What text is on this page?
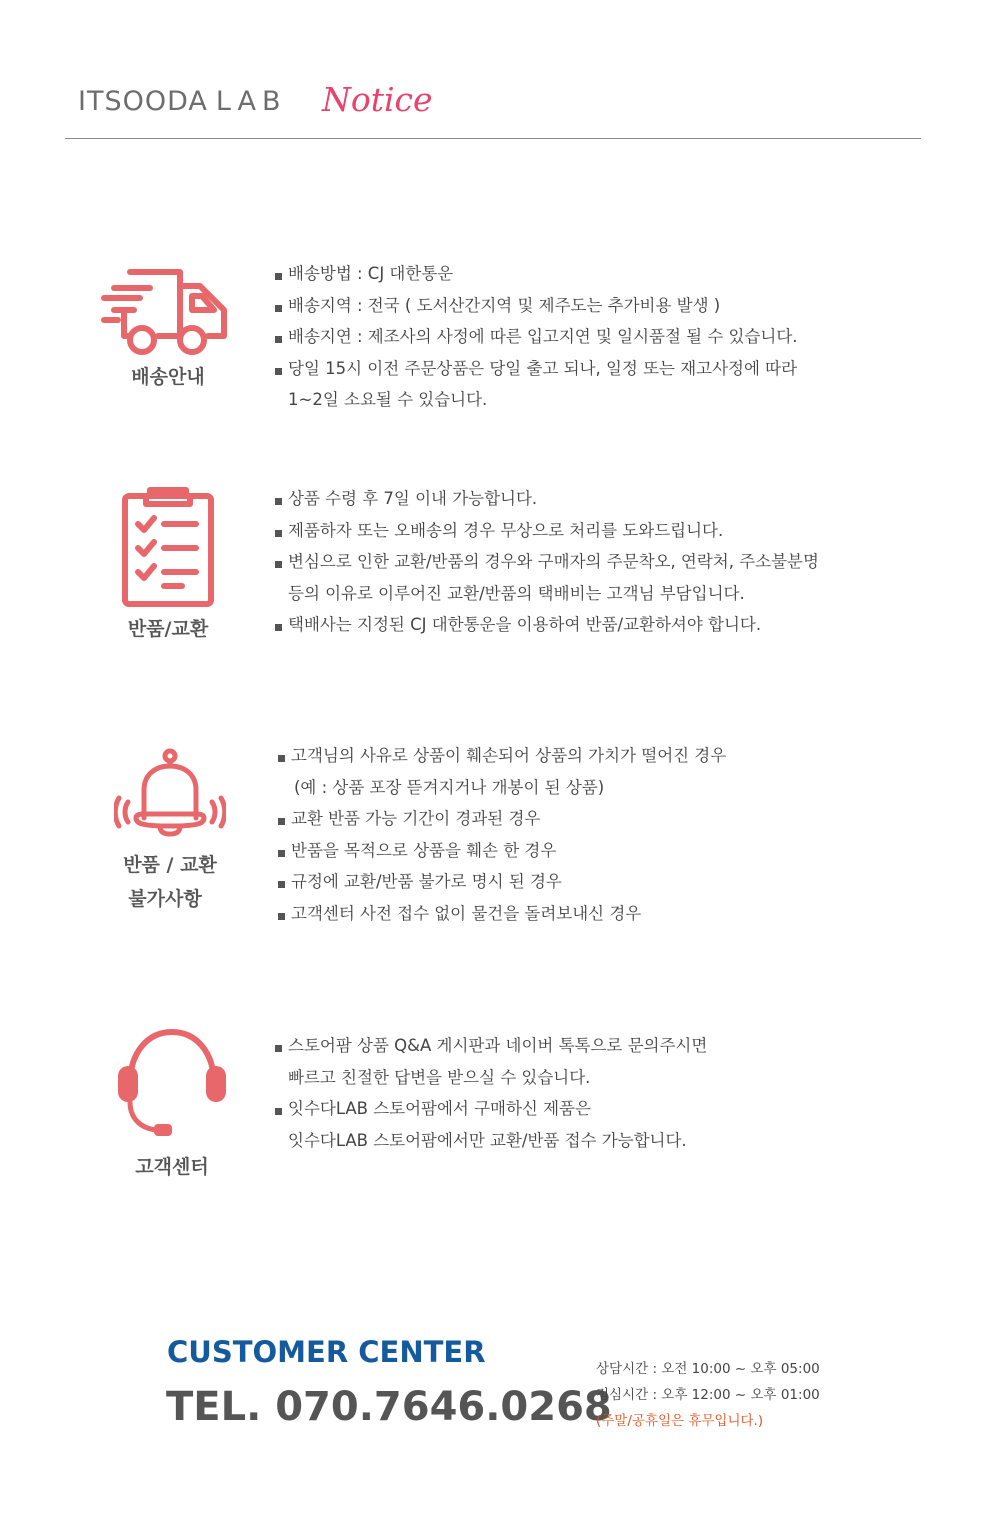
ITSOODA LAB Notice
배송안내
배송방법 : CJ 대한통운
배송지역 : 전국 ( 도서산간지역 및 제주도는 추가비용 발생 )
배송지연 : 제조사의 사정에 따른 입고지연 및 일시품절 될 수 있습니다.
당일 15시 이전 주문상품은 당일 출고 되나, 일정 또는 재고사정에 따라
1~2일 소요될 수 있습니다.
반품/교환
상품 수령 후 7일 이내 가능합니다.
제품하자 또는 오배송의 경우 무상으로 처리를 도와드립니다.
변심으로 인한 교환/반품의 경우와 구매자의 주문착오, 연락처, 주소불분명
등의 이유로 이루어진 교환/반품의 택배비는 고객님 부담입니다.
택배사는 지정된 CJ 대한통운을 이용하여 반품/교환하셔야 합니다.
반품 / 교환
불가사항
고객님의 사유로 상품이 훼손되어 상품의 가치가 떨어진 경우
(예 : 상품 포장 뜯겨지거나 개봉이 된 상품)
교환 반품 가능 기간이 경과된 경우
반품을 목적으로 상품을 훼손 한 경우
규정에 교환/반품 불가로 명시 된 경우
고객센터 사전 접수 없이 물건을 돌려보내신 경우
고객센터
스토어팜 상품 Q&A 게시판과 네이버 톡톡으로 문의주시면
빠르고 친절한 답변을 받으실 수 있습니다.
잇수다LAB 스토어팜에서 구매하신 제품은
잇수다LAB 스토어팜에서만 교환/반품 접수 가능합니다.
CUSTOMER CENTER
TEL. 070.7646.0268
상담시간 : 오전 10:00 ~ 오후 05:00
점심시간 : 오후 12:00 ~ 오후 01:00
(주말/공휴일은 휴무입니다.)
